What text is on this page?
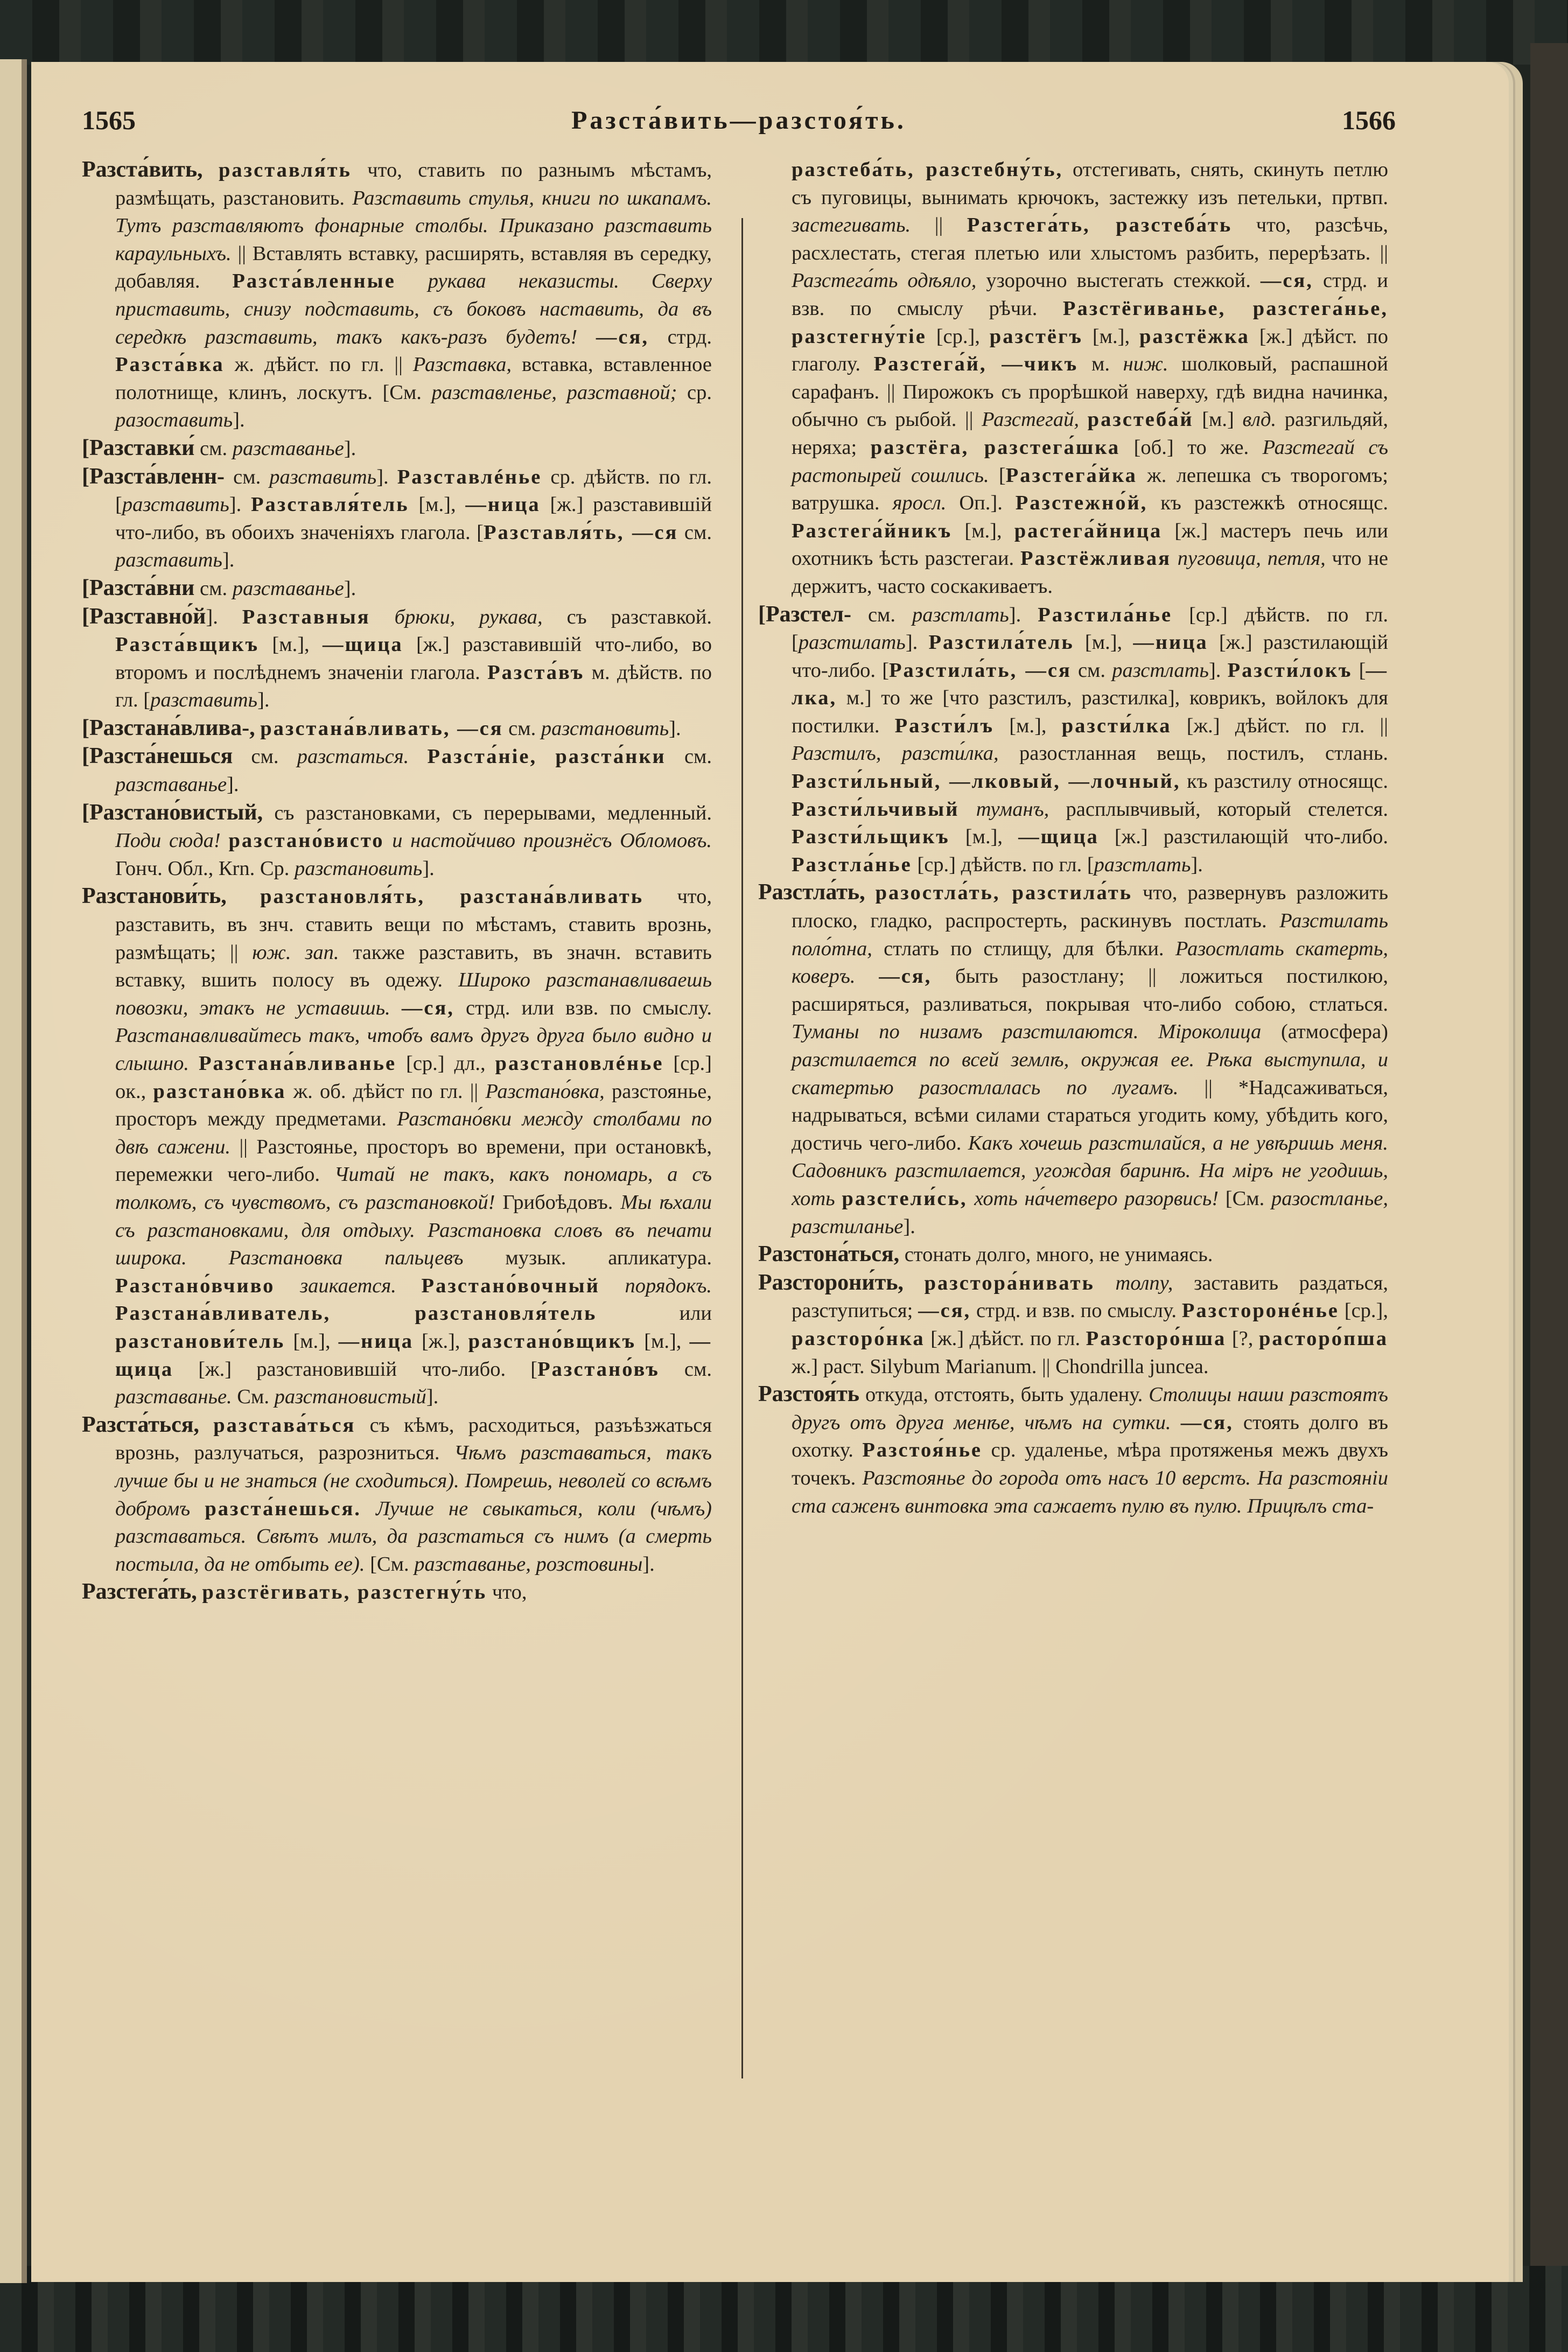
1565	Разста́вить—разстоя́ть.	1566

Разста́вить, разставля́ть что, ставить по разнымъ мѣстамъ, размѣщать, разстановить. Разставить стулья, книги по шкапамъ. Тутъ разставляютъ фонарные столбы. Приказано разставить караульныхъ. || Вставлять вставку, расширять, вставляя въ середку, добавляя. Разста́вленные рукава неказисты. Сверху приставить, снизу подставить, съ боковъ наставить, да въ середкѣ разставить, такъ какъ-разъ будетъ! —ся, стрд. Разста́вка ж. дѣйст. по гл. || Разставка, вставка, вставленное полотнище, клинъ, лоскутъ. [См. разставленье, разставной; ср. разоставить].

[Разставки́ см. разставанье].

[Разста́вленн- см. разставить]. Разставлéнье ср. дѣйств. по гл. [разставить]. Разставля́тель [м.], —ница [ж.] разставившій что-либо, въ обоихъ значеніяхъ глагола. [Разставля́ть, —ся см. разставить].

[Разста́вни см. разставанье].

[Разставно́й]. Разставныя брюки, рукава, съ разставкой. Разста́вщикъ [м.], —щица [ж.] разставившій что-либо, во второмъ и послѣднемъ значеніи глагола. Разста́въ м. дѣйств. по гл. [разставить].

[Разстана́влива-, разстана́вливать, —ся см. разстановить].

[Разста́нешься см. разстаться. Разста́ніе, разста́нки см. разставанье].

[Разстано́вистый, съ разстановками, съ перерывами, медленный. Поди сюда! разстано́висто и настойчиво произнёсъ Обломовъ. Гонч. Обл., Кrn. Ср. разстановить].

Разстанови́ть, разстановля́ть, разстана́вливать что, разставить, въ знч. ставить вещи по мѣстамъ, ставить врознь, размѣщать; || юж. зап. также разставить, въ значн. вставить вставку, вшить полосу въ одежу. Широко разстанавливаешь повозки, этакъ не уставишь. —ся, стрд. или взв. по смыслу. Разстанавливайтесь такъ, чтобъ вамъ другъ друга было видно и слышно. Разстана́вливанье [ср.] дл., разстановлéнье [ср.] ок., разстано́вка ж. об. дѣйст по гл. || Разстано́вка, разстоянье, просторъ между предметами. Разстано́вки между столбами по двѣ сажени. || Разстоянье, просторъ во времени, при остановкѣ, перемежки чего-либо. Читай не такъ, какъ пономарь, а съ толкомъ, съ чувствомъ, съ разстановкой! Грибоѣдовъ. Мы ѣхали съ разстановками, для отдыху. Разстановка словъ въ печати широка. Разстановка пальцевъ музык. апликатура. Разстано́вчиво заикается. Разстано́вочный порядокъ. Разстана́вливатель, разстановля́тель или разстанови́тель [м.], —ница [ж.], разстано́вщикъ [м.], —щица [ж.] разстановившій что-либо. [Разстано́въ см. разставанье. См. разстановистый].

Разста́ться, разстава́ться съ кѣмъ, расходиться, разъѣзжаться врознь, разлучаться, разрозниться. Чѣмъ разставаться, такъ лучше бы и не знаться (не сходиться). Помрешь, неволей со всѣмъ добромъ разста́нешься. Лучше не свыкаться, коли (чѣмъ) разставаться. Свѣтъ милъ, да разстаться съ нимъ (а смерть постыла, да не отбыть ее). [См. разставанье, розстовины].

Разстега́ть, разстёгивать, разстегну́ть что,

разстеба́ть, разстебну́ть, отстегивать, снять, скинуть петлю съ пуговицы, вынимать крючокъ, застежку изъ петельки, пртвп. застегивать. || Разстега́ть, разстеба́ть что, разсѣчь, расхлестать, стегая плетью или хлыстомъ разбить, перерѣзать. || Разстега́ть одѣяло, узорочно выстегать стежкой. —ся, стрд. и взв. по смыслу рѣчи. Разстёгиванье, разстега́нье, разстегну́тіе [ср.], разстёгъ [м.], разстёжка [ж.] дѣйст. по глаголу. Разстега́й, —чикъ м. ниж. шолковый, распашной сарафанъ. || Пирожокъ съ прорѣшкой наверху, гдѣ видна начинка, обычно съ рыбой. || Разстегай, разстеба́й [м.] влд. разгильдяй, неряха; разстёга, разстега́шка [об.] то же. Разстегай съ растопырей сошлись. [Разстега́йка ж. лепешка съ творогомъ; ватрушка. яросл. Оп.]. Разстежно́й, къ разстежкѣ относящс. Разстега́йникъ [м.], растега́йница [ж.] мастеръ печь или охотникъ ѣсть разстегаи. Разстёжливая пуговица, петля, что не держитъ, часто соскакиваетъ.

[Разстел- см. разстлать]. Разстила́нье [ср.] дѣйств. по гл. [разстилать]. Разстила́тель [м.], —ница [ж.] разстилающій что-либо. [Разстила́ть, —ся см. разстлать]. Разсти́локъ [—лка, м.] то же [что разстилъ, разстилка], коврикъ, войлокъ для постилки. Разсти́лъ [м.], разсти́лка [ж.] дѣйст. по гл. || Разстилъ, разсти́лка, разостланная вещь, постилъ, стлань. Разсти́льный, —лковый, —лочный, къ разстилу относящс. Разсти́льчивый туманъ, расплывчивый, который стелется. Разсти́льщикъ [м.], —щица [ж.] разстилающій что-либо. Разстла́нье [ср.] дѣйств. по гл. [разстлать].

Разстла́ть, разостла́ть, разстила́ть что, развернувъ разложить плоско, гладко, распростерть, раскинувъ постлать. Разстилать поло́тна, стлать по стлищу, для бѣлки. Разостлать скатерть, коверъ. —ся, быть разостлану; || ложиться постилкою, расширяться, разливаться, покрывая что-либо собою, стлаться. Туманы по низамъ разстилаются. Міроколица (атмосфера) разстилается по всей землѣ, окружая ее. Рѣка выступила, и скатертью разостлалась по лугамъ. || *Надсаживаться, надрываться, всѣми силами стараться угодить кому, убѣдить кого, достичь чего-либо. Какъ хочешь разстилайся, а не увѣришь меня. Садовникъ разстилается, угождая баринѣ. На міръ не угодишь, хоть разстели́сь, хоть на́четверо разорвись! [См. разостланье, разстиланье].

Разстона́ться, стонать долго, много, не унимаясь.

Разстoрони́ть, разстора́нивать толпу, заставить раздаться, разступиться; —ся, стрд. и взв. по смыслу. Разстoронéнье [ср.], разсторо́нка [ж.] дѣйст. по гл. Разсторо́нша [?, расторо́пша ж.] раст. Silybum Marianum. || Chondrilla juncea.

Разстоя́ть откуда, отстоять, быть удалену. Столицы наши разстоятъ другъ отъ друга менѣе, чѣмъ на сутки. —ся, стоять долго въ охотку. Разстоя́нье ср. удаленье, мѣра протяженья межъ двухъ точекъ. Разстоянье до города отъ насъ 10 верстъ. На разстояніи ста саженъ винтовка эта сажаетъ пулю въ пулю. Прицѣлъ ста-
